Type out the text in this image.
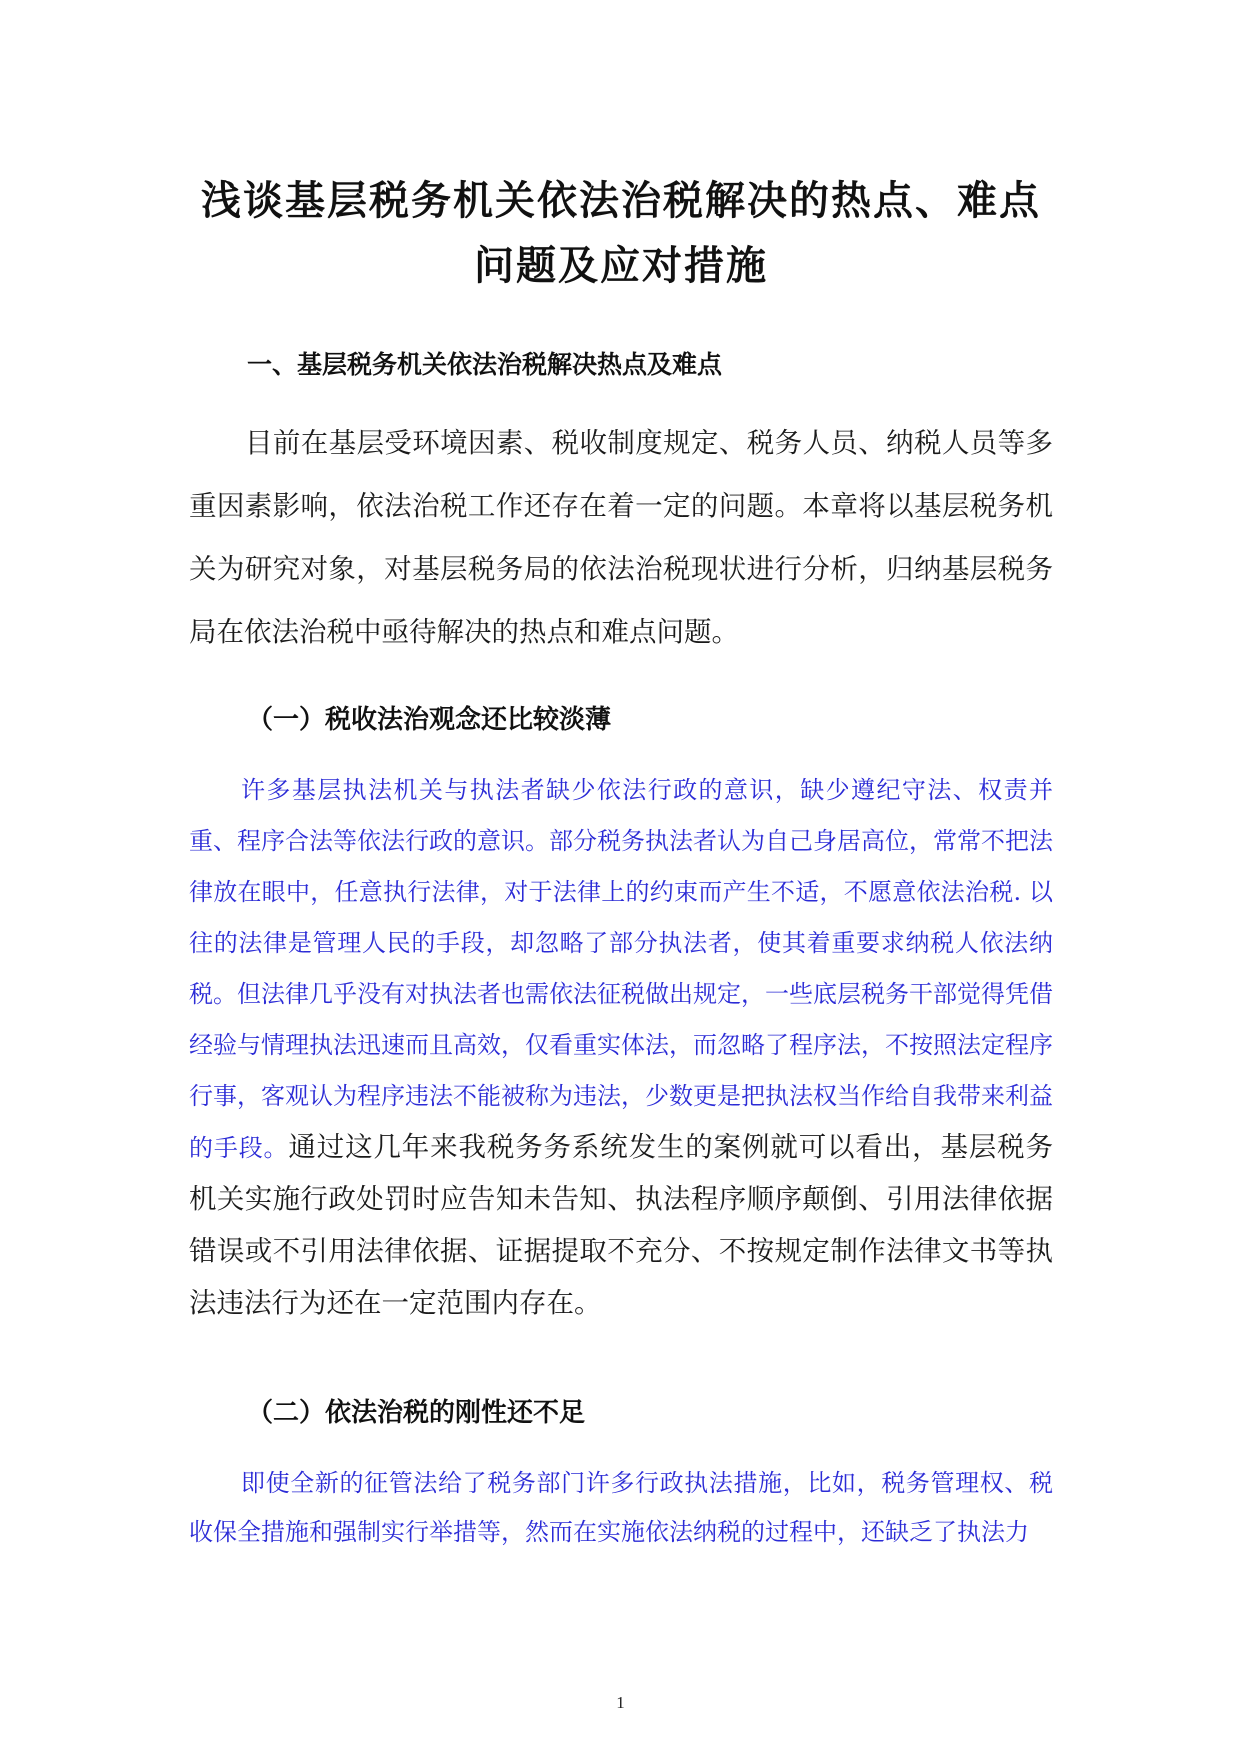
浅谈基层税务机关依法治税解决的热点、难点问题及应对措施
一、基层税务机关依法治税解决热点及难点

目前在基层受环境因素、税收制度规定、税务人员、纳税人员等多重因素影响，依法治税工作还存在着一定的问题。本章将以基层税务机关为研究对象，对基层税务局的依法治税现状进行分析，归纳基层税务局在依法治税中亟待解决的热点和难点问题。

（一）税收法治观念还比较淡薄

许多基层执法机关与执法者缺少依法行政的意识，缺少遵纪守法、权责并重、程序合法等依法行政的意识。部分税务执法者认为自己身居高位，常常不把法律放在眼中，任意执行法律，对于法律上的约束而产生不适，不愿意依法治税. 以往的法律是管理人民的手段，却忽略了部分执法者，使其着重要求纳税人依法纳税。但法律几乎没有对执法者也需依法征税做出规定，一些底层税务干部觉得凭借经验与情理执法迅速而且高效，仅看重实体法，而忽略了程序法，不按照法定程序行事，客观认为程序违法不能被称为违法，少数更是把执法权当作给自我带来利益的手段。通过这几年来我税务务系统发生的案例就可以看出，基层税务机关实施行政处罚时应告知未告知、执法程序顺序颠倒、引用法律依据错误或不引用法律依据、证据提取不充分、不按规定制作法律文书等执法违法行为还在一定范围内存在。

（二）依法治税的刚性还不足

即使全新的征管法给了税务部门许多行政执法措施，比如，税务管理权、税收保全措施和强制实行举措等，然而在实施依法纳税的过程中，还缺乏了执法力

1
